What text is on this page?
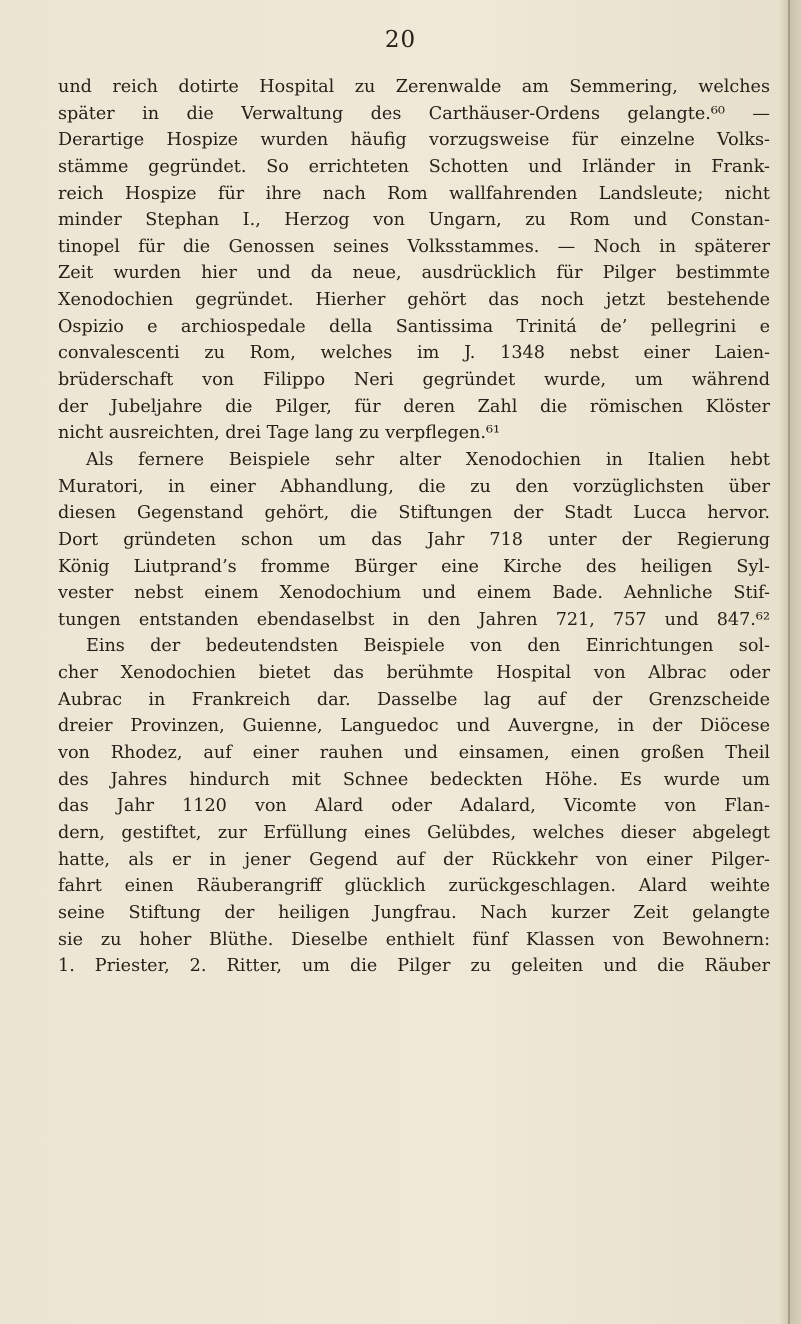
20
und reich dotirte Hospital zu Zerenwalde am Semmering, welches
später in die Verwaltung des Carthäuser-Ordens gelangte.⁶⁰ —
Derartige Hospize wurden häufig vorzugsweise für einzelne Volks-
stämme gegründet. So errichteten Schotten und Irländer in Frank-
reich Hospize für ihre nach Rom wallfahrenden Landsleute; nicht
minder Stephan I., Herzog von Ungarn, zu Rom und Constan-
tinopel für die Genossen seines Volksstammes. — Noch in späterer
Zeit wurden hier und da neue, ausdrücklich für Pilger bestimmte
Xenodochien gegründet. Hierher gehört das noch jetzt bestehende
Ospizio e archiospedale della Santissima Trinitá de’ pellegrini e
convalescenti zu Rom, welches im J. 1348 nebst einer Laien-
brüderschaft von Filippo Neri gegründet wurde, um während
der Jubeljahre die Pilger, für deren Zahl die römischen Klöster
nicht ausreichten, drei Tage lang zu verpflegen.⁶¹
Als fernere Beispiele sehr alter Xenodochien in Italien hebt
Muratori, in einer Abhandlung, die zu den vorzüglichsten über
diesen Gegenstand gehört, die Stiftungen der Stadt Lucca hervor.
Dort gründeten schon um das Jahr 718 unter der Regierung
König Liutprand’s fromme Bürger eine Kirche des heiligen Syl-
vester nebst einem Xenodochium und einem Bade. Aehnliche Stif-
tungen entstanden ebendaselbst in den Jahren 721, 757 und 847.⁶²
Eins der bedeutendsten Beispiele von den Einrichtungen sol-
cher Xenodochien bietet das berühmte Hospital von Albrac oder
Aubrac in Frankreich dar. Dasselbe lag auf der Grenzscheide
dreier Provinzen, Guienne, Languedoc und Auvergne, in der Diöcese
von Rhodez, auf einer rauhen und einsamen, einen großen Theil
des Jahres hindurch mit Schnee bedeckten Höhe. Es wurde um
das Jahr 1120 von Alard oder Adalard, Vicomte von Flan-
dern, gestiftet, zur Erfüllung eines Gelübdes, welches dieser abgelegt
hatte, als er in jener Gegend auf der Rückkehr von einer Pilger-
fahrt einen Räuberangriff glücklich zurückgeschlagen. Alard weihte
seine Stiftung der heiligen Jungfrau. Nach kurzer Zeit gelangte
sie zu hoher Blüthe. Dieselbe enthielt fünf Klassen von Bewohnern:
1. Priester, 2. Ritter, um die Pilger zu geleiten und die Räuber
